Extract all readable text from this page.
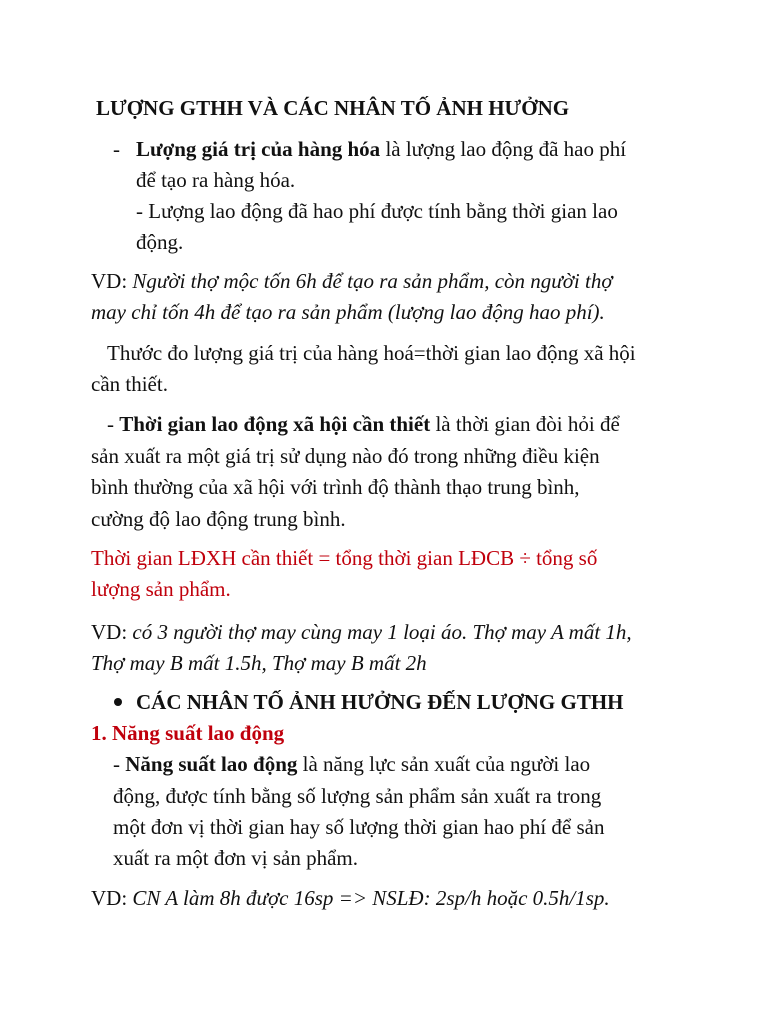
LƯỢNG GTHH VÀ CÁC NHÂN TỐ ẢNH HƯỞNG
- Lượng giá trị của hàng hóa là lượng lao động đã hao phí
để tạo ra hàng hóa.
- Lượng lao động đã hao phí được tính bằng thời gian lao
động.
VD: Người thợ mộc tốn 6h để tạo ra sản phẩm, còn người thợ
may chỉ tốn 4h để tạo ra sản phẩm (lượng lao động hao phí).
Thước đo lượng giá trị của hàng hoá=thời gian lao động xã hội
cần thiết.
- Thời gian lao động xã hội cần thiết là thời gian đòi hỏi để
sản xuất ra một giá trị sử dụng nào đó trong những điều kiện
bình thường của xã hội với trình độ thành thạo trung bình,
cường độ lao động trung bình.
Thời gian LĐXH cần thiết = tổng thời gian LĐCB ÷ tổng số
lượng sản phẩm.
VD: có 3 người thợ may cùng may 1 loại áo. Thợ may A mất 1h,
Thợ may B mất 1.5h, Thợ may B mất 2h
CÁC NHÂN TỐ ẢNH HƯỞNG ĐẾN LƯỢNG GTHH
1. Năng suất lao động
- Năng suất lao động là năng lực sản xuất của người lao
động, được tính bằng số lượng sản phẩm sản xuất ra trong
một đơn vị thời gian hay số lượng thời gian hao phí để sản
xuất ra một đơn vị sản phẩm.
VD: CN A làm 8h được 16sp => NSLĐ: 2sp/h hoặc 0.5h/1sp.
